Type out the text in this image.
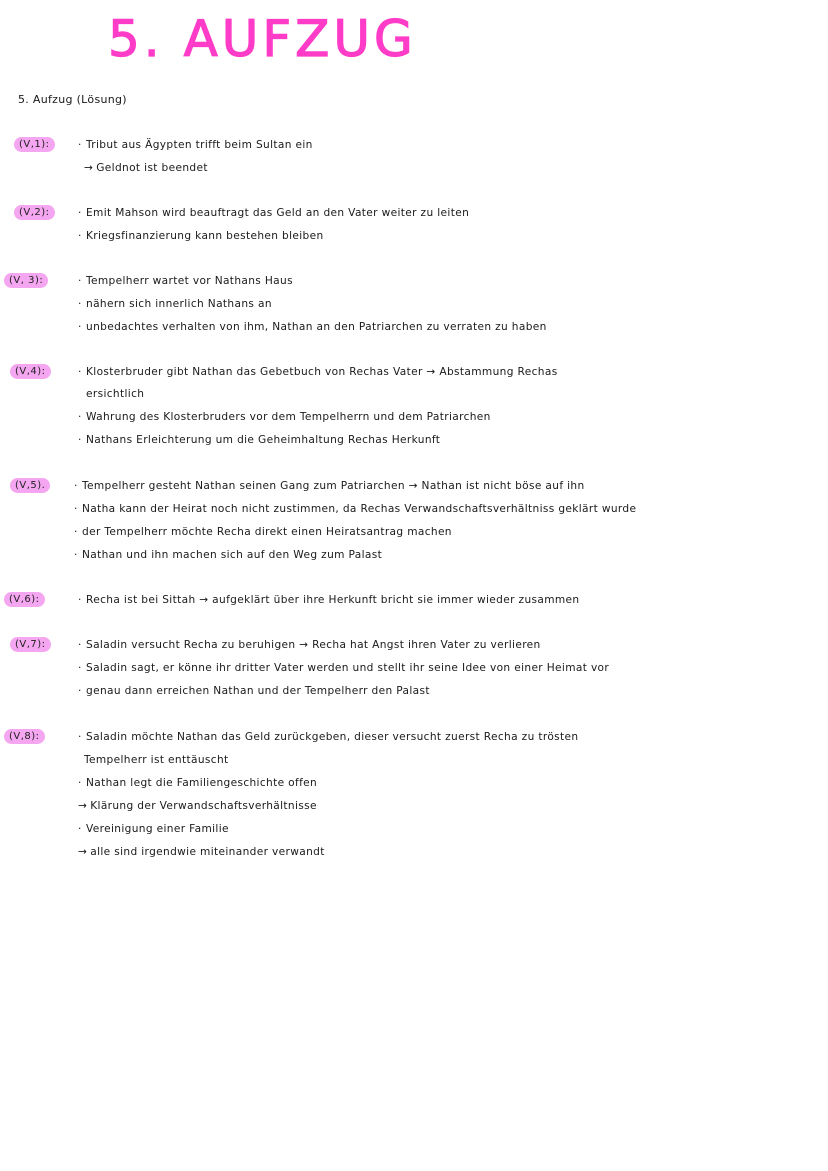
5. AUFZUG
5. Aufzug (Lösung)
(V,1):	· Tribut aus Ägypten trifft beim Sultan ein
→ Geldnot ist beendet
(V,2):	· Emit Mahson wird beauftragt das Geld an den Vater weiter zu leiten
· Kriegsfinanzierung kann bestehen bleiben
(V, 3):	· Tempelherr wartet vor Nathans Haus
· nähern sich innerlich Nathans an
· unbedachtes verhalten von ihm, Nathan an den Patriarchen zu verraten zu haben
(V,4):	· Klosterbruder gibt Nathan das Gebetbuch von Rechas Vater → Abstammung Rechas
ersichtlich
· Wahrung des Klosterbruders vor dem Tempelherrn und dem Patriarchen
· Nathans Erleichterung um die Geheimhaltung Rechas Herkunft
(V,5).	· Tempelherr gesteht Nathan seinen Gang zum Patriarchen → Nathan ist nicht böse auf ihn
· Natha kann der Heirat noch nicht zustimmen, da Rechas Verwandschaftsverhältniss geklärt wurde
· der Tempelherr möchte Recha direkt einen Heiratsantrag machen
· Nathan und ihn machen sich auf den Weg zum Palast
(V,6):	· Recha ist bei Sittah → aufgeklärt über ihre Herkunft bricht sie immer wieder zusammen
(V,7):	· Saladin versucht Recha zu beruhigen → Recha hat Angst ihren Vater zu verlieren
· Saladin sagt, er könne ihr dritter Vater werden und stellt ihr seine Idee von einer Heimat vor
· genau dann erreichen Nathan und der Tempelherr den Palast
(V,8):	· Saladin möchte Nathan das Geld zurückgeben, dieser versucht zuerst Recha zu trösten
Tempelherr ist enttäuscht
· Nathan legt die Familiengeschichte offen
→ Klärung der Verwandschaftsverhältnisse
· Vereinigung einer Familie
→ alle sind irgendwie miteinander verwandt
